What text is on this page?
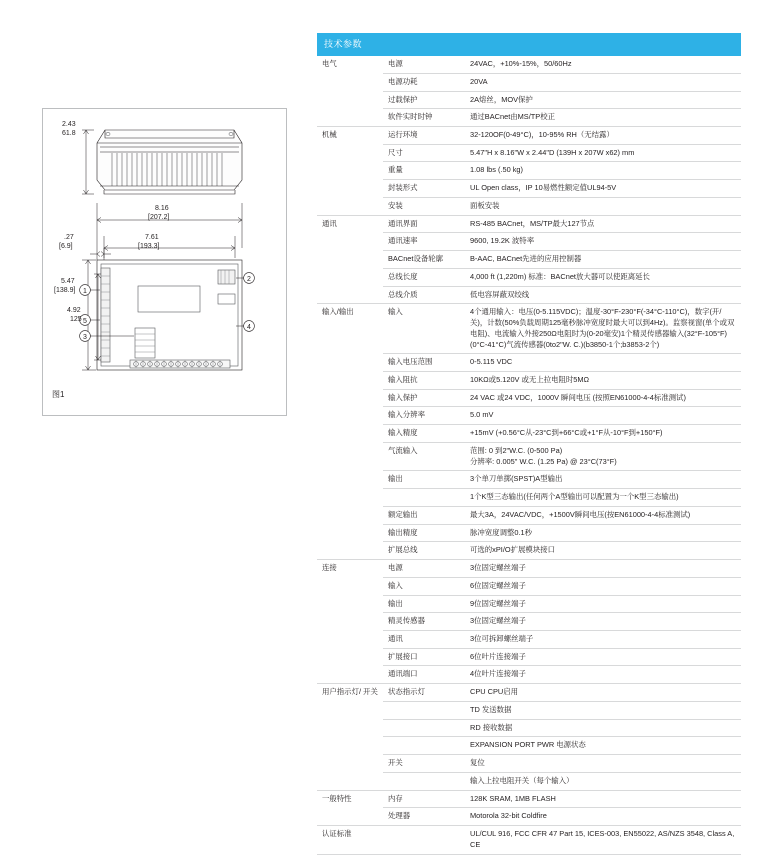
1
2
5
4
3
2.43
61.8
8.16
[207.2]
7.61
[193.3]
.27
[6.9]
5.47
[138.9]
4.92
125
图1
技术参数		
电气	电源	24VAC，+10%-15%，50/60Hz

	电源功耗	20VA

	过载保护	2A熔丝，MOV保护

	软件实时时钟	通过BACnet由MS/TP校正

机械	运行环境	32-120OF(0-49°C)，10-95% RH（无结露）

	尺寸	5.47"H x 8.16"W x 2.44"D (139H x 207W x62) mm

	重量	1.08 lbs (.50 kg)

	封装形式	UL Open class，IP 10易燃性额定值UL94-5V

	安装	面板安装

通讯	通讯界面	RS-485 BACnet，MS/TP最大127节点

	通讯速率	9600, 19.2K 波特率

	BACnet设备轮廓	B-AAC, BACnet先进的应用控制器

	总线长度	4,000 ft (1,220m) 标准：BACnet放大器可以使距离延长

	总线介质	低电容屏蔽双绞线

输入/输出	输入	4个通用输入：电压(0-5.115VDC)；温度-30°F-230°F(-34°C-110°C)，数字(开/关)，计数(50%负载周期125毫秒脉冲宽度时最大可以到4Hz)。监察视窗(单个或双电阻)、电流输入外接250Ω电阻时为(0-20毫安)1个精灵传感器输入(32°F-105°F)(0°C-41°C)气流传感器(0to2"W. C.)(b3850-1个;b3853-2个)

	输入电压范围	0-5.115 VDC

	输入阻抗	10KΩ或5.120V 或无上拉电阻时5MΩ

	输入保护	24 VAC 或24 VDC，1000V 瞬间电压 (按照EN61000-4-4标准测试)

	输入分辨率	5.0 mV

	输入精度	+15mV (+0.56°C从-23°C到+66°C或+1°F从-10°F到+150°F)

	气流输入	范围: 0 到2"W.C. (0-500 Pa)
分辨率: 0.005" W.C. (1.25 Pa) @ 23°C(73°F)

	输出	3个单刀单掷(SPST)A型输出

		1个K型三态输出(任何两个A型输出可以配置为一个K型三态输出)

	额定输出	最大3A，24VAC/VDC，+1500V瞬间电压(按EN61000-4-4标准测试)

	输出精度	脉冲宽度调整0.1秒

	扩展总线	可选的xPI/O扩展模块接口

连接	电源	3位固定螺丝端子

	输入	6位固定螺丝端子

	输出	9位固定螺丝端子

	精灵传感器	3位固定螺丝端子

	通讯	3位可拆卸螺丝端子

	扩展接口	6位叶片连接端子

	通讯端口	4位叶片连接端子

用户指示灯/ 开关	状态指示灯	CPU CPU启用

		TD 发送数据

		RD 接收数据

		EXPANSION PORT PWR 电源状态

	开关	复位

		输入上拉电阻开关（每个输入）

一般特性	内存	128K SRAM, 1MB FLASH

	处理器	Motorola 32-bit Coldfire

认证标准		UL/CUL 916, FCC CFR 47 Part 15, ICES-003, EN55022, AS/NZS 3548, Class A, CE
